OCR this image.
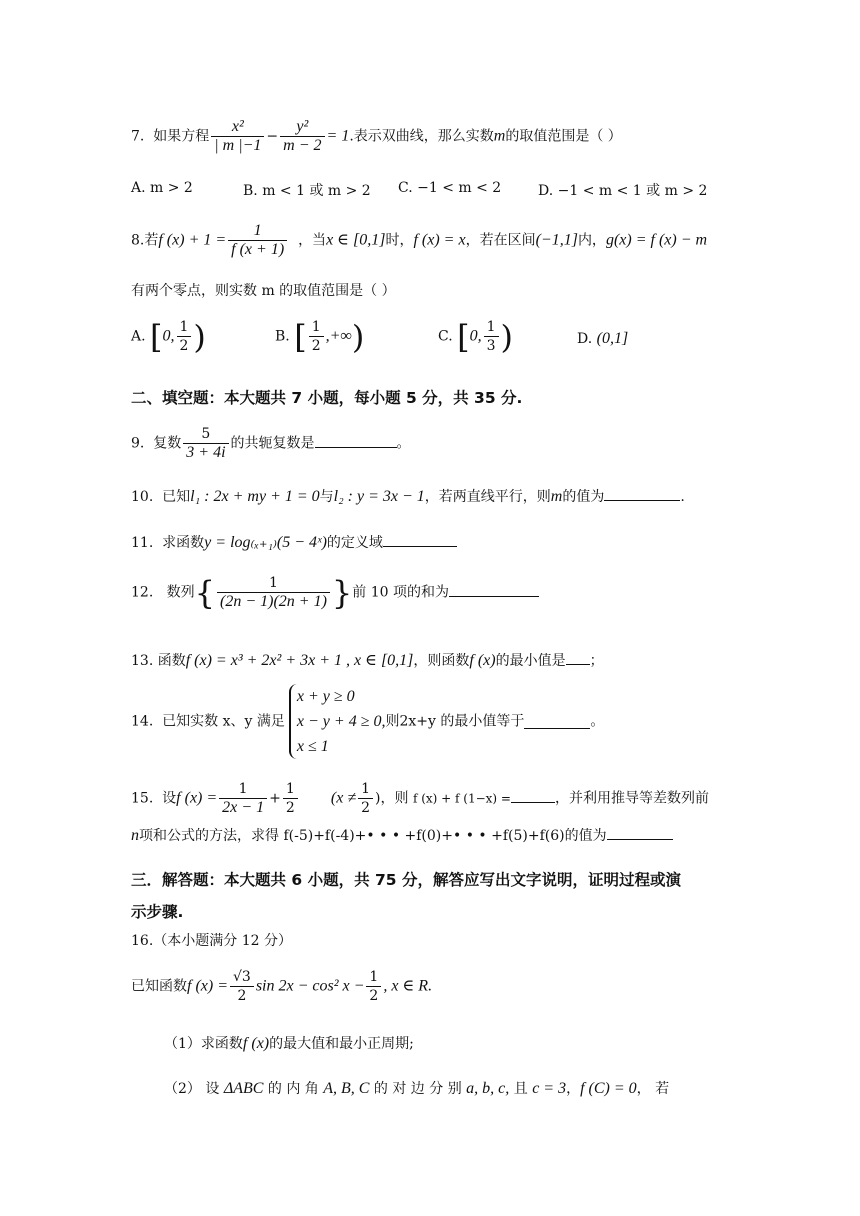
7. 如果方程 $\frac{\text{x²}}{| m |-1} - \frac{\text{y²}}{m - 2} = 1$.表示双曲线，那么实数m的取值范围是（ ）
A. m > 2	B. m < 1 或 m > 2 C. −1 < m < 2	D. −1 < m < 1 或 m > 2
8.若f $(x) + 1 = \frac{1}{f (x + 1)}$ ，当x ∈ [0,1]时，f (x) = x，若在区间(−1,1]内，g(x) = f (x) − m
有两个零点，则实数 m 的取值范围是（ ）
A. [0, $\frac{1}{2}$ )	B. [ $\frac{1}{2}$ ,+∞)	C. [0, $\frac{1}{3}$ )	D. (0,1]
二、填空题：本大题共 7 小题，每小题 5 分，共 35 分.
9. 复数 $\frac{5}{3 + 4i}$ 的共轭复数是	。
10. 已知l₁ : 2x + my + 1 = 0与l₂ : y = 3x − 1，若两直线平行，则m的值为	.
11. 求函数y = log₍ₓ₊₁₎(5 − 4ˣ)的定义域
12. 数列{ $\frac{1}{(2n - 1)(2n + 1)}$ }前 10 项的和为
13. 函数f (x) = x³ + 2x² + 3x + 1 , x ∈ [0,1]，则函数f (x)的最小值是 ；
14. 已知实数 x、y 满足
x + y ≥ 0
x − y + 4 ≥ 0,
x ≤ 1
则2x+y 的最小值等于	。
15. 设f $(x) = \frac{1}{2x - 1} + \frac{1}{2} (x \ne \frac{1}{2}$ )，则 f (x) + f (1−x) =	，并利用推导等差数列前
n项和公式的方法，求得 f(-5)+f(-4)+• • • +f(0)+• • • +f(5)+f(6)的值为
三．解答题：本大题共 6 小题，共 75 分，解答应写出文字说明，证明过程或演
示步骤.
16.（本小题满分 12 分）
已知函数f $(x) = \frac{√3}{2}$ sin 2x − cos² $x - \frac{1}{2}$ , x ∈ R.
（1）求函数f (x)的最大值和最小正周期;
（2） 设 ΔABC 的 内 角 A, B, C 的 对 边 分 别 a, b, c, 且 c = 3，f (C) = 0， 若
